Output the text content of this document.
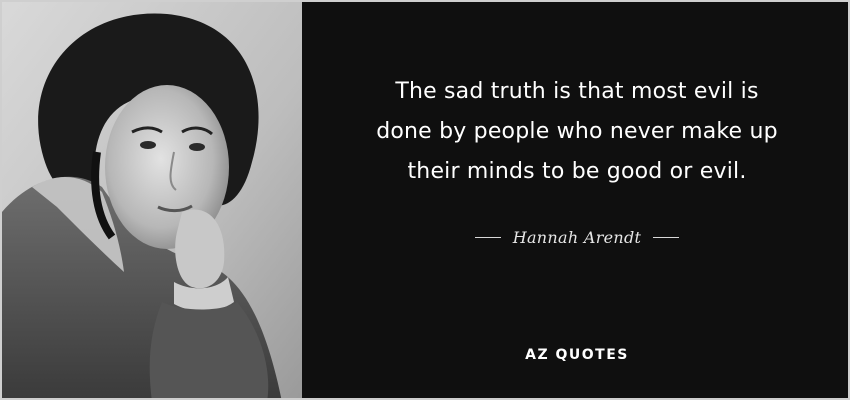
The sad truth is that most evil is
done by people who never make up
their minds to be good or evil.

Hannah Arendt
AZ QUOTES
